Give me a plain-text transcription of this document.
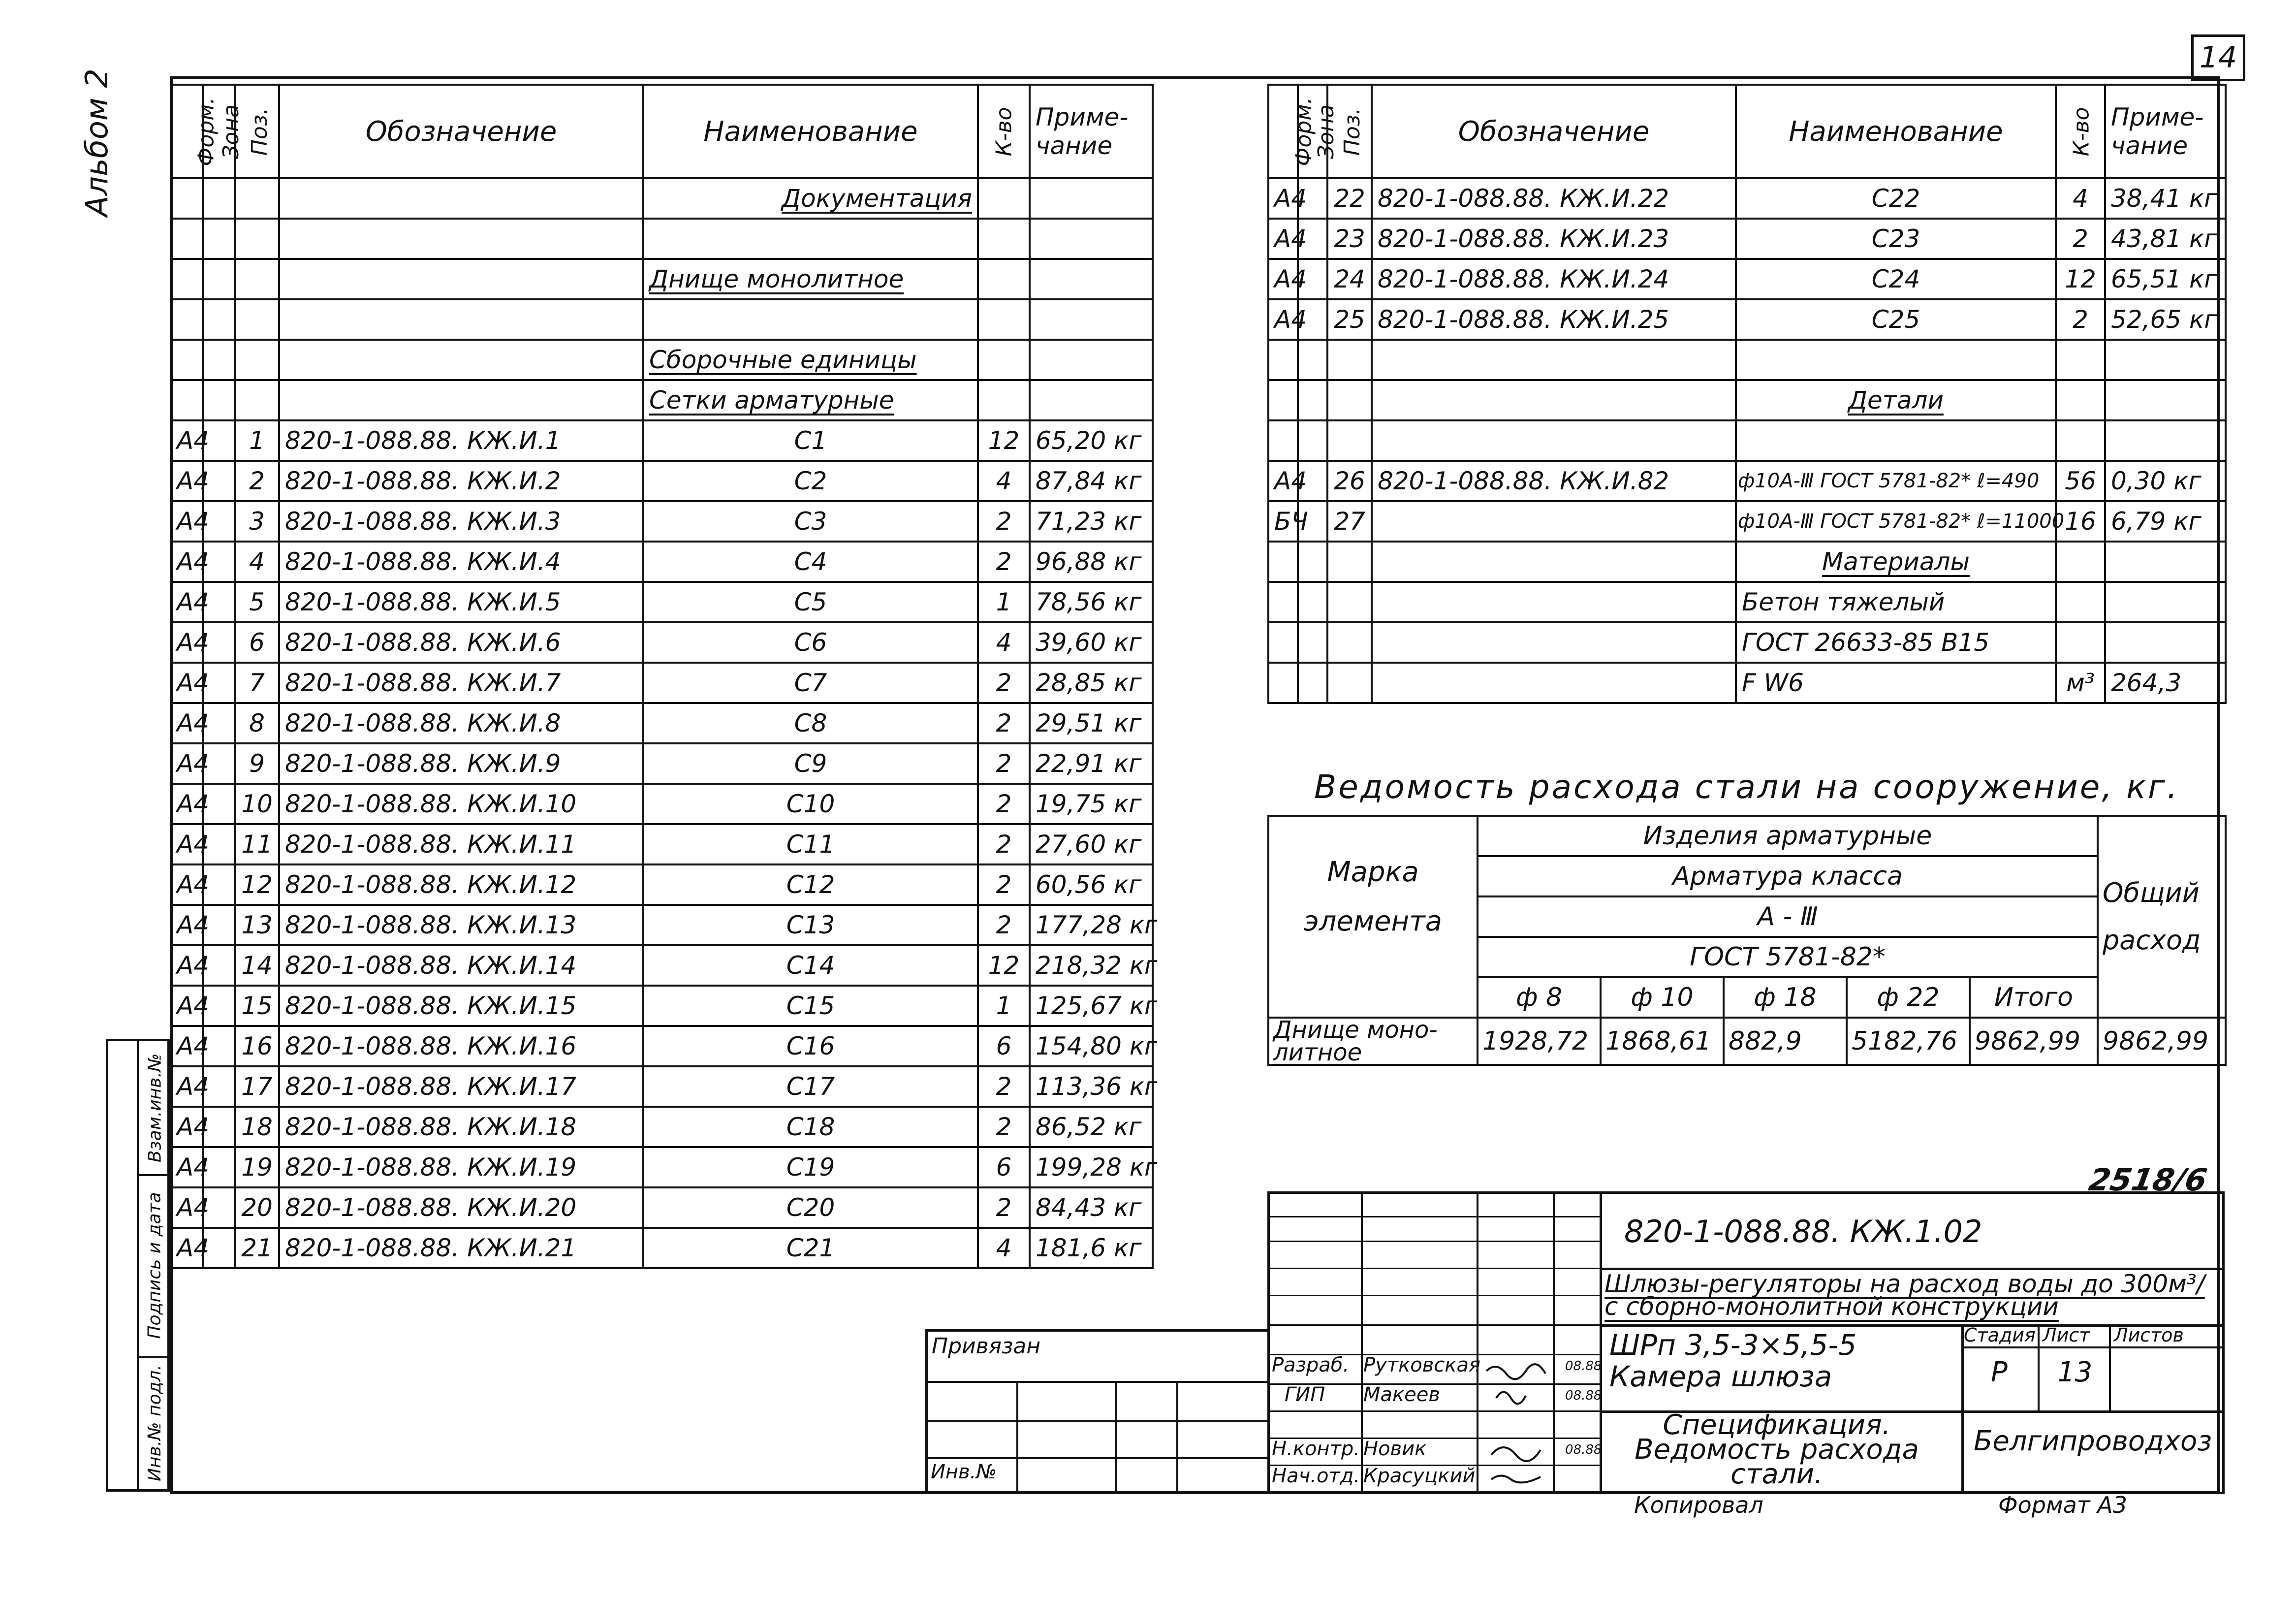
14
Альбом 2
Взам.инв.№
Подпись и дата
Инв.№ подл.
Форм.	Зона	Поз.	Обозначение	Наименование	К-во	Приме-чание
				Документация		

				Днище монолитное		

				Сборочные единицы		
				Сетки арматурные		
А4		1	820-1-088.88. КЖ.И.1	С1	12	65,20 кг
А4		2	820-1-088.88. КЖ.И.2	С2	4	87,84 кг
А4		3	820-1-088.88. КЖ.И.3	С3	2	71,23 кг
А4		4	820-1-088.88. КЖ.И.4	С4	2	96,88 кг
А4		5	820-1-088.88. КЖ.И.5	С5	1	78,56 кг
А4		6	820-1-088.88. КЖ.И.6	С6	4	39,60 кг
А4		7	820-1-088.88. КЖ.И.7	С7	2	28,85 кг
А4		8	820-1-088.88. КЖ.И.8	С8	2	29,51 кг
А4		9	820-1-088.88. КЖ.И.9	С9	2	22,91 кг
А4		10	820-1-088.88. КЖ.И.10	С10	2	19,75 кг
А4		11	820-1-088.88. КЖ.И.11	С11	2	27,60 кг
А4		12	820-1-088.88. КЖ.И.12	С12	2	60,56 кг
А4		13	820-1-088.88. КЖ.И.13	С13	2	177,28 кг
А4		14	820-1-088.88. КЖ.И.14	С14	12	218,32 кг
А4		15	820-1-088.88. КЖ.И.15	С15	1	125,67 кг
А4		16	820-1-088.88. КЖ.И.16	С16	6	154,80 кг
А4		17	820-1-088.88. КЖ.И.17	С17	2	113,36 кг
А4		18	820-1-088.88. КЖ.И.18	С18	2	86,52 кг
А4		19	820-1-088.88. КЖ.И.19	С19	6	199,28 кг
А4		20	820-1-088.88. КЖ.И.20	С20	2	84,43 кг
А4		21	820-1-088.88. КЖ.И.21	С21	4	181,6 кг
Форм.	Зона	Поз.	Обозначение	Наименование	К-во	Приме-чание
А4		22	820-1-088.88. КЖ.И.22	С22	4	38,41 кг
А4		23	820-1-088.88. КЖ.И.23	С23	2	43,81 кг
А4		24	820-1-088.88. КЖ.И.24	С24	12	65,51 кг
А4		25	820-1-088.88. КЖ.И.25	С25	2	52,65 кг

				Детали		

А4		26	820-1-088.88. КЖ.И.82	ф10А-Ⅲ ГОСТ 5781-82* ℓ=490	56	0,30 кг
БЧ		27		ф10А-Ⅲ ГОСТ 5781-82* ℓ=11000	16	6,79 кг
				Материалы		
				Бетон тяжелый		
				ГОСТ 26633-85 В15		
				F W6	м³	264,3
Ведомость расхода стали на сооружение, кг.
Марка элемента	Изделия арматурные					Общий расход
	Арматура класса					
	А - Ⅲ					
	ГОСТ 5781-82*					
	ф 8	ф 10	ф 18	ф 22	Итого	
Днище моно-литное	1928,72	1868,61	882,9	5182,76	9862,99	9862,99
2518/6
Привязан
Инв.№
Разраб. Рутковская	08.88
ГИП Макеев	08.88
Н.контр. Новик	08.88
Нач.отд. Красуцкий
820-1-088.88. КЖ.1.02
Шлюзы-регуляторы на расход воды до 300м³/с сборно-монолитной конструкции
ШРп 3,5-3×5,5-5 Камера шлюза
Спецификация. Ведомость расхода стали.
Стадия Лист Листов
Р 13
Белгипроводхоз
Копировал	Формат А3
